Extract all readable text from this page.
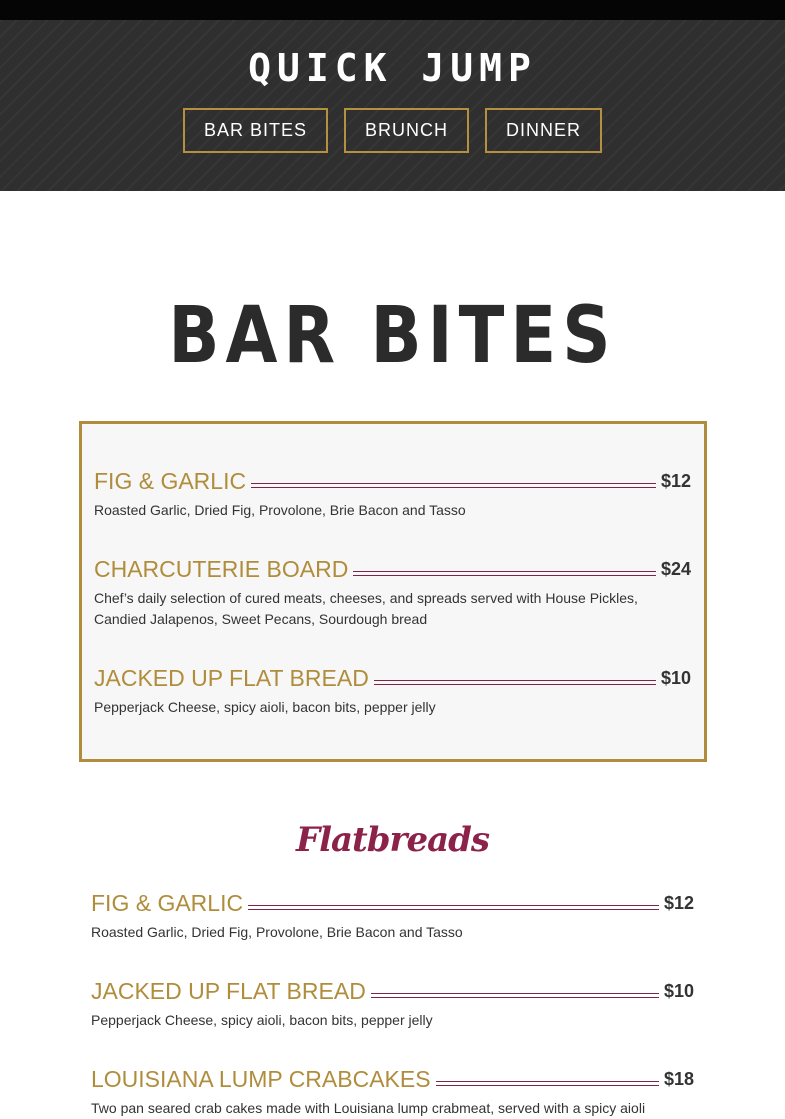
QUICK JUMP
BAR BITES	BRUNCH	DINNER
BAR BITES
FIG & GARLIC	$12
Roasted Garlic, Dried Fig, Provolone, Brie Bacon and Tasso
CHARCUTERIE BOARD	$24
Chef’s daily selection of cured meats, cheeses, and spreads served with House Pickles, Candied Jalapenos, Sweet Pecans, Sourdough bread
JACKED UP FLAT BREAD	$10
Pepperjack Cheese, spicy aioli, bacon bits, pepper jelly
Flatbreads
FIG & GARLIC	$12
Roasted Garlic, Dried Fig, Provolone, Brie Bacon and Tasso
JACKED UP FLAT BREAD	$10
Pepperjack Cheese, spicy aioli, bacon bits, pepper jelly
LOUISIANA LUMP CRABCAKES	$18
Two pan seared crab cakes made with Louisiana lump crabmeat, served with a spicy aioli
